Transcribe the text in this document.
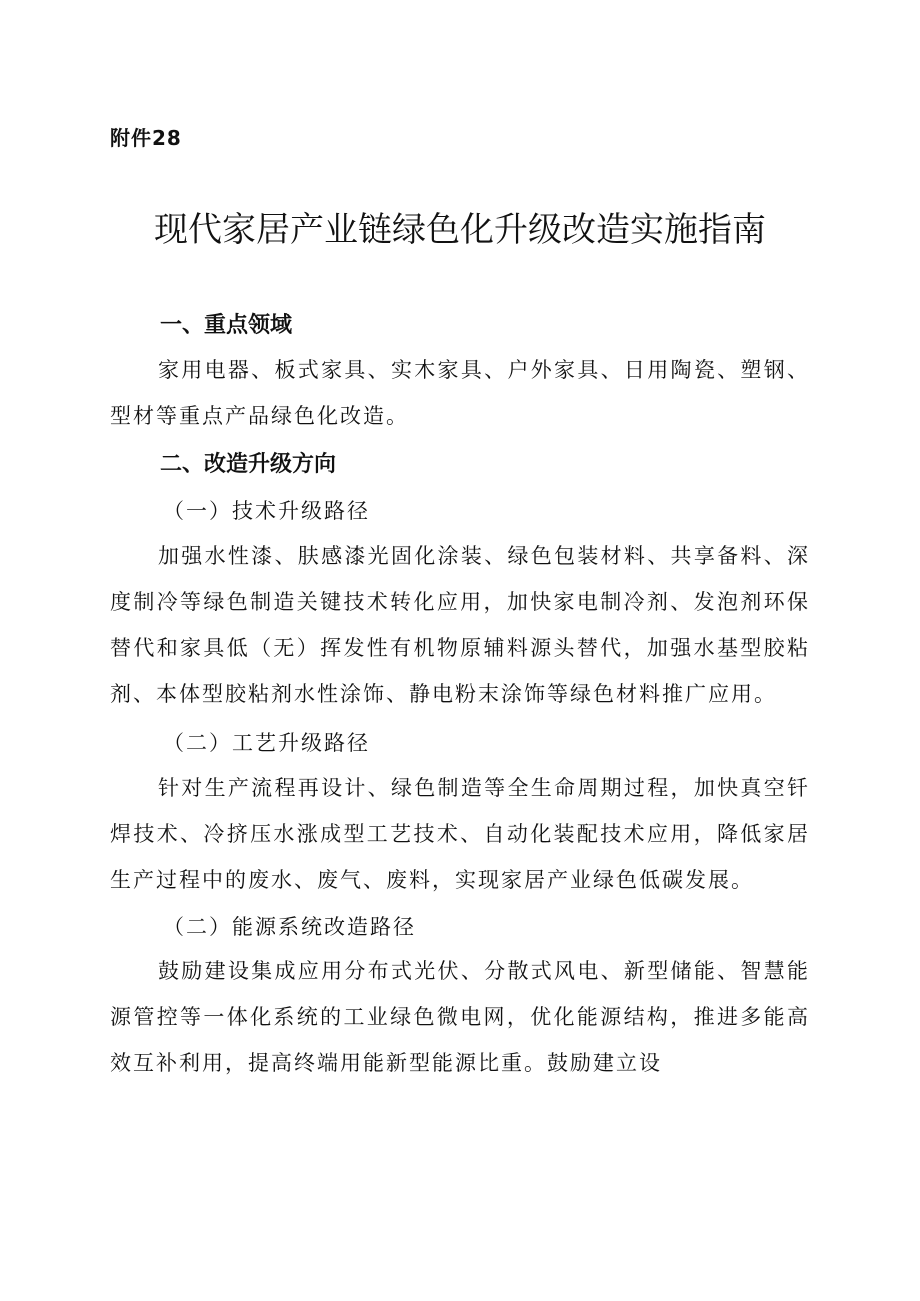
附件28
现代家居产业链绿色化升级改造实施指南
一、重点领域

家用电器、板式家具、实木家具、户外家具、日用陶瓷、塑钢、型材等重点产品绿色化改造。

二、改造升级方向
（一）技术升级路径

加强水性漆、肤感漆光固化涂装、绿色包装材料、共享备料、深度制冷等绿色制造关键技术转化应用，加快家电制冷剂、发泡剂环保替代和家具低（无）挥发性有机物原辅料源头替代，加强水基型胶粘剂、本体型胶粘剂水性涂饰、静电粉末涂饰等绿色材料推广应用。

（二）工艺升级路径

针对生产流程再设计、绿色制造等全生命周期过程，加快真空钎焊技术、冷挤压水涨成型工艺技术、自动化装配技术应用，降低家居生产过程中的废水、废气、废料，实现家居产业绿色低碳发展。

（二）能源系统改造路径

鼓励建设集成应用分布式光伏、分散式风电、新型储能、智慧能源管控等一体化系统的工业绿色微电网，优化能源结构，推进多能高效互补利用，提高终端用能新型能源比重。鼓励建立设
